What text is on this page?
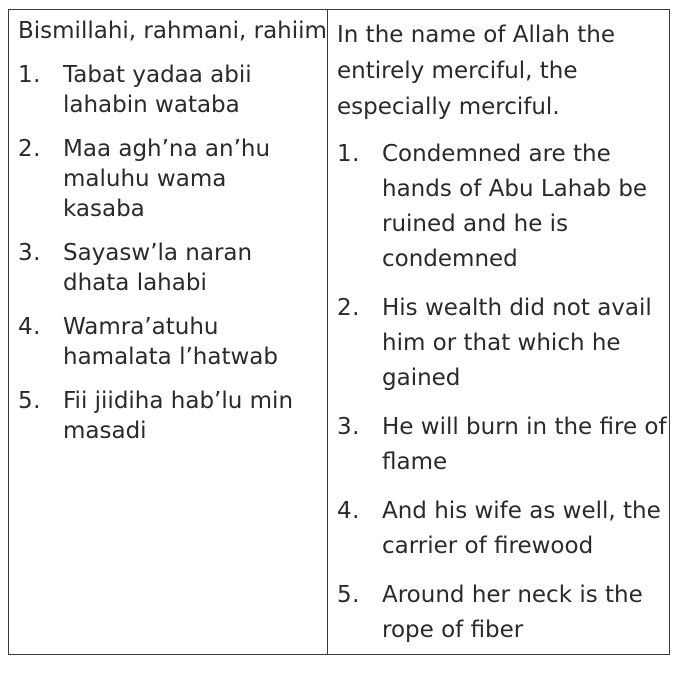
Bismillahi, rahmani, rahiim

1. Tabat yadaa abii lahabin wataba
2. Maa agh’na an’hu maluhu wama kasaba
3. Sayasw’la naran dhata lahabi
4. Wamra’atuhu hamalata l’hatwab
5. Fii jiidiha hab’lu min masadi

In the name of Allah the entirely merciful, the especially merciful.

1. Condemned are the hands of Abu Lahab be ruined and he is condemned
2. His wealth did not avail him or that which he gained
3. He will burn in the fire of flame
4. And his wife as well, the carrier of firewood
5. Around her neck is the rope of fiber
